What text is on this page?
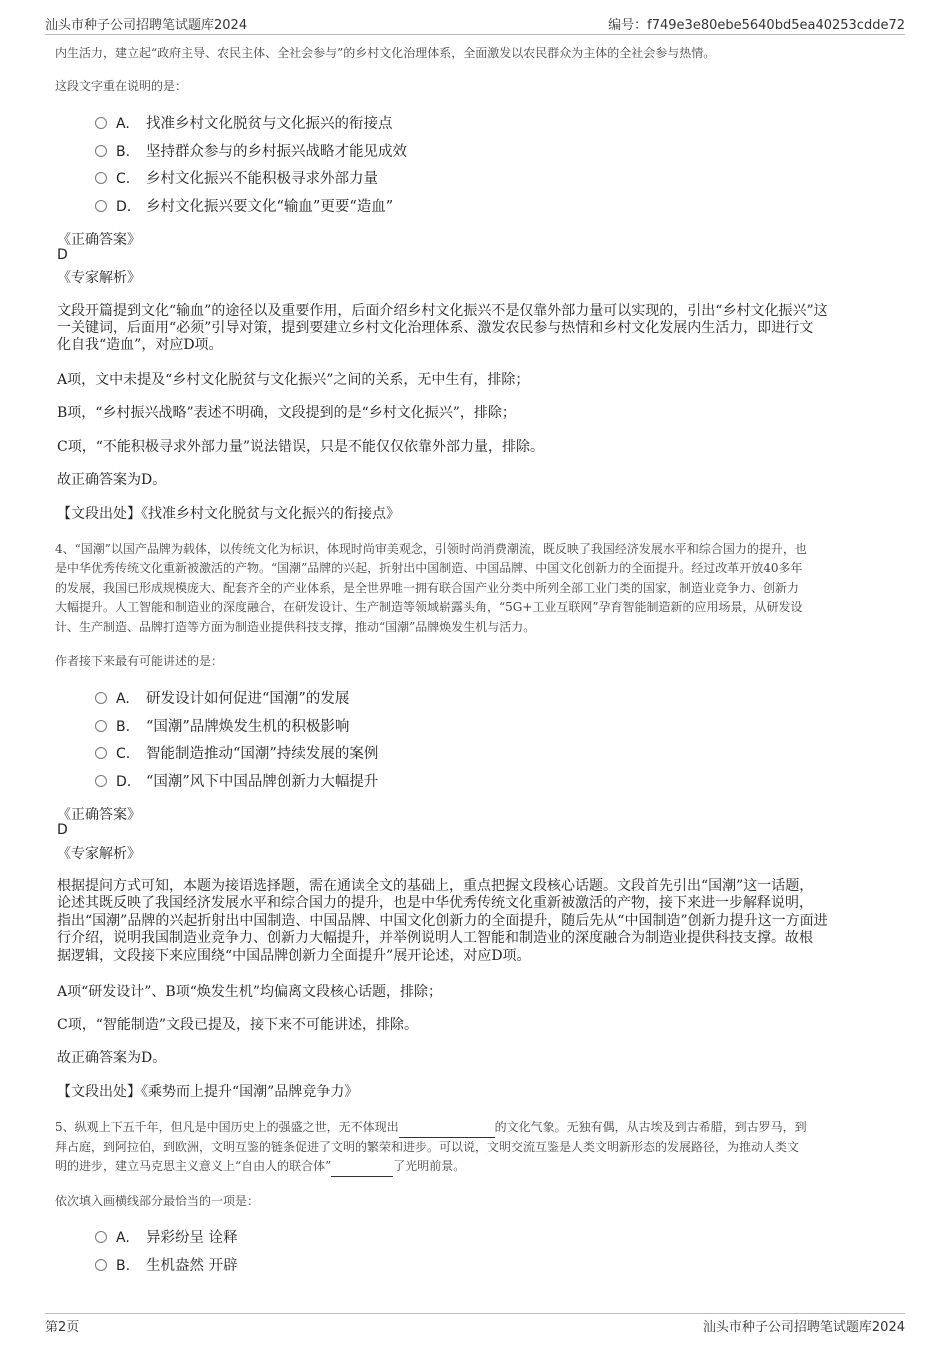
汕头市种子公司招聘笔试题库2024	编号：f749e3e80ebe5640bd5ea40253cdde72
内生活力，建立起“政府主导、农民主体、全社会参与”的乡村文化治理体系，全面激发以农民群众为主体的全社会参与热情。
这段文字重在说明的是：
A. 找准乡村文化脱贫与文化振兴的衔接点
B. 坚持群众参与的乡村振兴战略才能见成效
C. 乡村文化振兴不能积极寻求外部力量
D. 乡村文化振兴要文化“输血”更要“造血”
《正确答案》
D
《专家解析》
文段开篇提到文化“输血”的途径以及重要作用，后面介绍乡村文化振兴不是仅靠外部力量可以实现的，引出“乡村文化振兴”这
一关键词，后面用“必须”引导对策，提到要建立乡村文化治理体系、激发农民参与热情和乡村文化发展内生活力，即进行文
化自我“造血”，对应D项。
A项，文中未提及“乡村文化脱贫与文化振兴”之间的关系，无中生有，排除；
B项，“乡村振兴战略”表述不明确，文段提到的是“乡村文化振兴”，排除；
C项，“不能积极寻求外部力量”说法错误，只是不能仅仅依靠外部力量，排除。
故正确答案为D。
【文段出处】《找准乡村文化脱贫与文化振兴的衔接点》
4、“国潮”以国产品牌为载体，以传统文化为标识，体现时尚审美观念，引领时尚消费潮流，既反映了我国经济发展水平和综合国力的提升，也
是中华优秀传统文化重新被激活的产物。“国潮”品牌的兴起，折射出中国制造、中国品牌、中国文化创新力的全面提升。经过改革开放40多年
的发展，我国已形成规模庞大、配套齐全的产业体系，是全世界唯一拥有联合国产业分类中所列全部工业门类的国家，制造业竞争力、创新力
大幅提升。人工智能和制造业的深度融合，在研发设计、生产制造等领域崭露头角，“5G+工业互联网”孕育智能制造新的应用场景，从研发设
计、生产制造、品牌打造等方面为制造业提供科技支撑，推动“国潮”品牌焕发生机与活力。
作者接下来最有可能讲述的是：
A. 研发设计如何促进“国潮”的发展
B. “国潮”品牌焕发生机的积极影响
C. 智能制造推动“国潮”持续发展的案例
D. “国潮”风下中国品牌创新力大幅提升
《正确答案》
D
《专家解析》
根据提问方式可知，本题为接语选择题，需在通读全文的基础上，重点把握文段核心话题。文段首先引出“国潮”这一话题，
论述其既反映了我国经济发展水平和综合国力的提升，也是中华优秀传统文化重新被激活的产物，接下来进一步解释说明，
指出“国潮”品牌的兴起折射出中国制造、中国品牌、中国文化创新力的全面提升，随后先从“中国制造”创新力提升这一方面进
行介绍，说明我国制造业竞争力、创新力大幅提升，并举例说明人工智能和制造业的深度融合为制造业提供科技支撑。故根
据逻辑，文段接下来应围绕“中国品牌创新力全面提升”展开论述，对应D项。
A项“研发设计”、B项“焕发生机”均偏离文段核心话题，排除；
C项，“智能制造”文段已提及，接下来不可能讲述，排除。
故正确答案为D。
【文段出处】《乘势而上提升“国潮”品牌竞争力》
5、纵观上下五千年，但凡是中国历史上的强盛之世，无不体现出	的文化气象。无独有偶，从古埃及到古希腊，到古罗马，到
拜占庭，到阿拉伯，到欧洲，文明互鉴的链条促进了文明的繁荣和进步。可以说，文明交流互鉴是人类文明新形态的发展路径，为推动人类文
明的进步，建立马克思主义意义上“自由人的联合体”	了光明前景。
依次填入画横线部分最恰当的一项是：
A. 异彩纷呈 诠释
B. 生机盎然 开辟
第2页	汕头市种子公司招聘笔试题库2024
